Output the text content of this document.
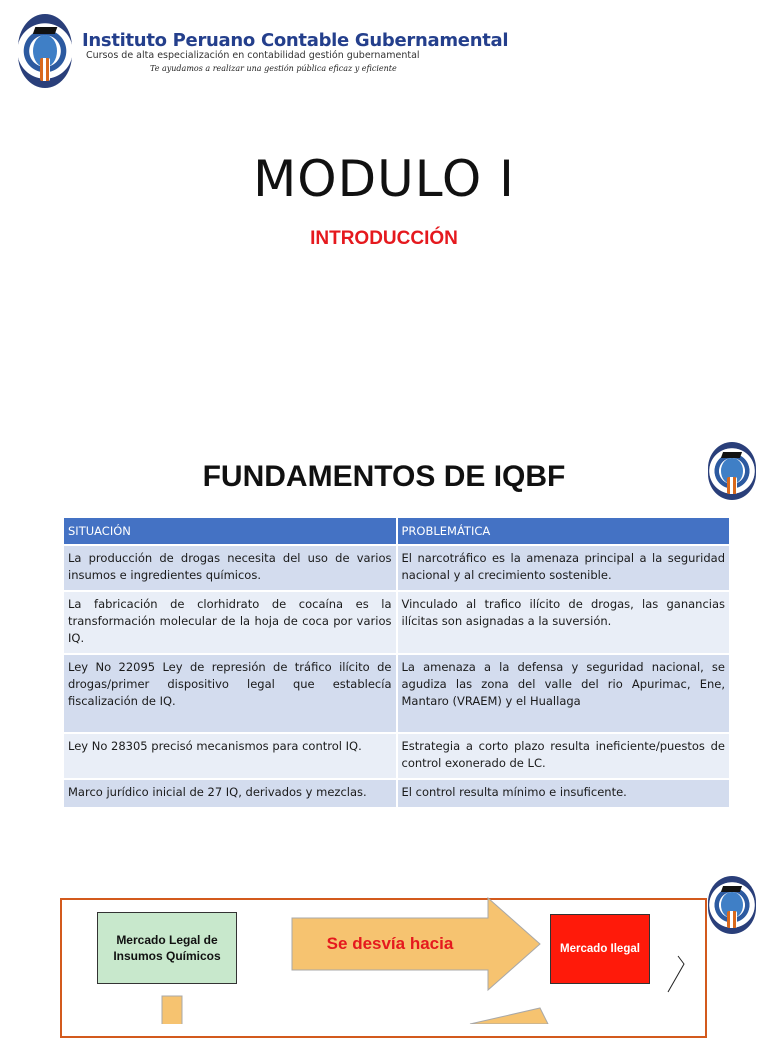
Instituto Peruano Contable Gubernamental
Cursos de alta especialización en contabilidad gestión gubernamental
Te ayudamos a realizar una gestión pública eficaz y eficiente
MODULO I
INTRODUCCIÓN
FUNDAMENTOS DE IQBF
SITUACIÓN	PROBLEMÁTICA
La producción de drogas necesita del uso de varios insumos e ingredientes químicos.	El narcotráfico es la amenaza principal a la seguridad nacional y al crecimiento sostenible.
La fabricación de clorhidrato de cocaína es la transformación molecular de la hoja de coca por varios IQ.	Vinculado al trafico ilícito de drogas, las ganancias ilícitas son asignadas a la suversión.
Ley No 22095 Ley de represión de tráfico ilícito de drogas/primer dispositivo legal que establecía fiscalización de IQ.	La amenaza a la defensa y seguridad nacional, se agudiza las zona del valle del rio Apurimac, Ene, Mantaro (VRAEM) y el Huallaga
Ley No 28305 precisó mecanismos para control IQ.	Estrategia a corto plazo resulta ineficiente/puestos de control exonerado de LC.
Marco jurídico inicial de 27 IQ, derivados y mezclas.	El control resulta mínimo e insuficente.
Se desvía hacia
Mercado Legal de Insumos Químicos	Mercado Ilegal
